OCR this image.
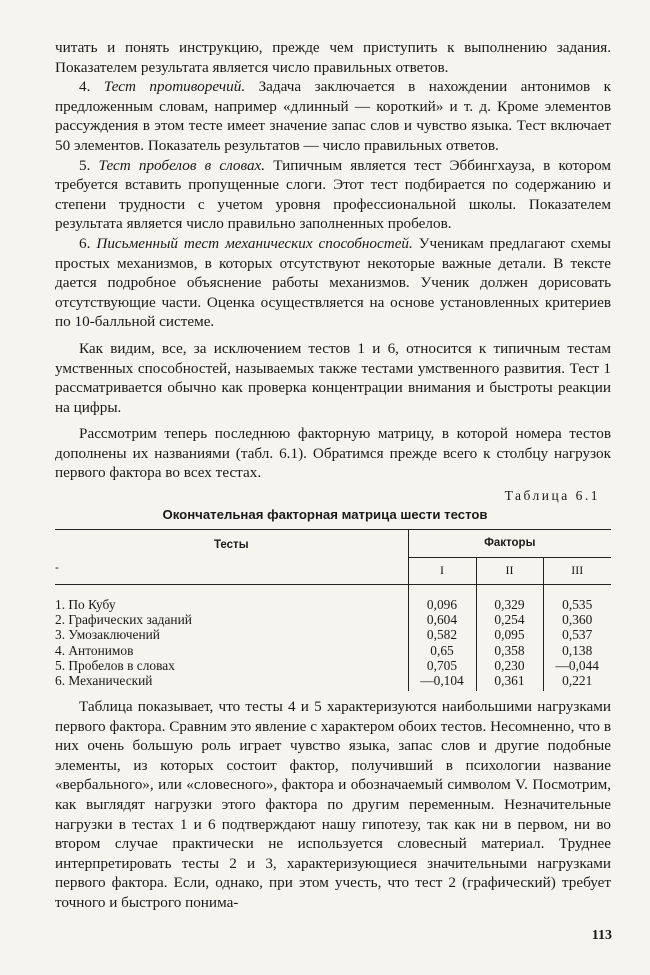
читать и понять инструкцию, прежде чем приступить к выполнению задания. Показателем результата является число правильных ответов.

4. Тест противоречий. Задача заключается в нахождении антонимов к предложенным словам, например «длинный — короткий» и т. д. Кроме элементов рассуждения в этом тесте имеет значение запас слов и чувство языка. Тест включает 50 элементов. Показатель результатов — число правильных ответов.

5. Тест пробелов в словах. Типичным является тест Эббингхауза, в котором требуется вставить пропущенные слоги. Этот тест подбирается по содержанию и степени трудности с учетом уровня профессиональной школы. Показателем результата является число правильно заполненных пробелов.

6. Письменный тест механических способностей. Ученикам предлагают схемы простых механизмов, в которых отсутствуют некоторые важные детали. В тексте дается подробное объяснение работы механизмов. Ученик должен дорисовать отсутствующие части. Оценка осуществляется на основе установленных критериев по 10-балльной системе.

Как видим, все, за исключением тестов 1 и 6, относится к типичным тестам умственных способностей, называемых также тестами умственного развития. Тест 1 рассматривается обычно как проверка концентрации внимания и быстроты реакции на цифры.

Рассмотрим теперь последнюю факторную матрицу, в которой номера тестов дополнены их названиями (табл. 6.1). Обратимся прежде всего к столбцу нагрузок первого фактора во всех тестах.

Таблица 6.1
Окончательная факторная матрица шести тестов
Тесты
-	Факторы		
	I	II	III

1. По Кубу	0,096	0,329	0,535
2. Графических заданий	0,604	0,254	0,360
3. Умозаключений	0,582	0,095	0,537
4. Антонимов	0,65	0,358	0,138
5. Пробелов в словах	0,705	0,230	—0,044
6. Механический	—0,104	0,361	0,221

Таблица показывает, что тесты 4 и 5 характеризуются наибольшими нагрузками первого фактора. Сравним это явление с характером обоих тестов. Несомненно, что в них очень большую роль играет чувство языка, запас слов и другие подобные элементы, из которых состоит фактор, получивший в психологии название «вербального», или «словесного», фактора и обозначаемый символом V. Посмотрим, как выглядят нагрузки этого фактора по другим переменным. Незначительные нагрузки в тестах 1 и 6 подтверждают нашу гипотезу, так как ни в первом, ни во втором случае практически не используется словесный материал. Труднее интерпретировать тесты 2 и 3, характеризующиеся значительными нагрузками первого фактора. Если, однако, при этом учесть, что тест 2 (графический) требует точного и быстрого понима-

113
